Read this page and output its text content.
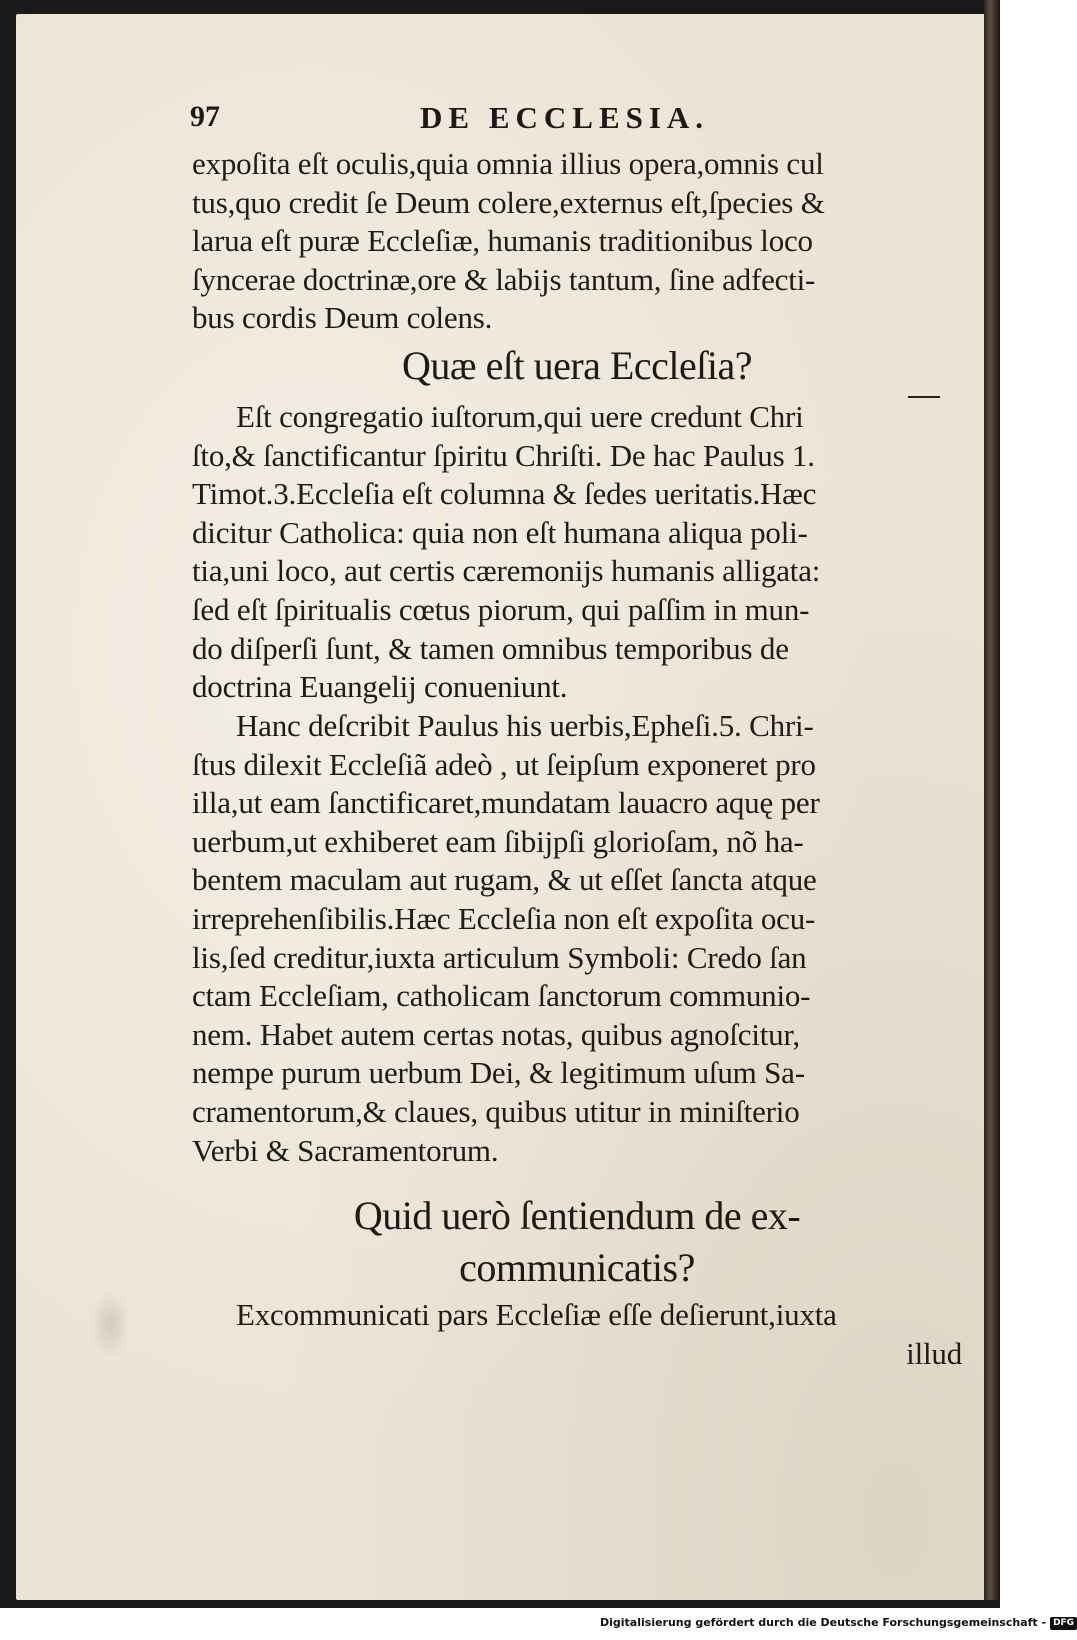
97	DE ECCLESIA.
expoſita eſt oculis,quia omnia illius opera,omnis cul
tus,quo credit ſe Deum colere,externus eſt,ſpecies &
larua eſt puræ Eccleſiæ, humanis traditionibus loco
ſyncerae doctrinæ,ore & labijs tantum, ſine adfecti-
bus cordis Deum colens.
Quæ eſt uera Eccleſia?
Eſt congregatio iuſtorum,qui uere credunt Chri
ſto,& ſanctificantur ſpiritu Chriſti. De hac Paulus 1.
Timot.3.Eccleſia eſt columna & ſedes ueritatis.Hæc
dicitur Catholica: quia non eſt humana aliqua poli-
tia,uni loco, aut certis cæremonijs humanis alligata:
ſed eſt ſpiritualis cœtus piorum, qui paſſim in mun-
do diſperſi ſunt, & tamen omnibus temporibus de
doctrina Euangelij conueniunt.
Hanc deſcribit Paulus his uerbis,Epheſi.5. Chri-
ſtus dilexit Eccleſiã adeò , ut ſeipſum exponeret pro
illa,ut eam ſanctificaret,mundatam lauacro aquę per
uerbum,ut exhiberet eam ſibijpſi glorioſam, nõ ha-
bentem maculam aut rugam, & ut eſſet ſancta atque
irreprehenſibilis.Hæc Eccleſia non eſt expoſita ocu-
lis,ſed creditur,iuxta articulum Symboli: Credo ſan
ctam Eccleſiam, catholicam ſanctorum communio-
nem. Habet autem certas notas, quibus agnoſcitur,
nempe purum uerbum Dei, & legitimum uſum Sa-
cramentorum,& claues, quibus utitur in miniſterio
Verbi & Sacramentorum.
Quid uerò ſentiendum de ex-
communicatis?
Excommunicati pars Eccleſiæ eſſe deſierunt,iuxta
illud
Digitalisierung gefördert durch die Deutsche Forschungsgemeinschaft - DFG
